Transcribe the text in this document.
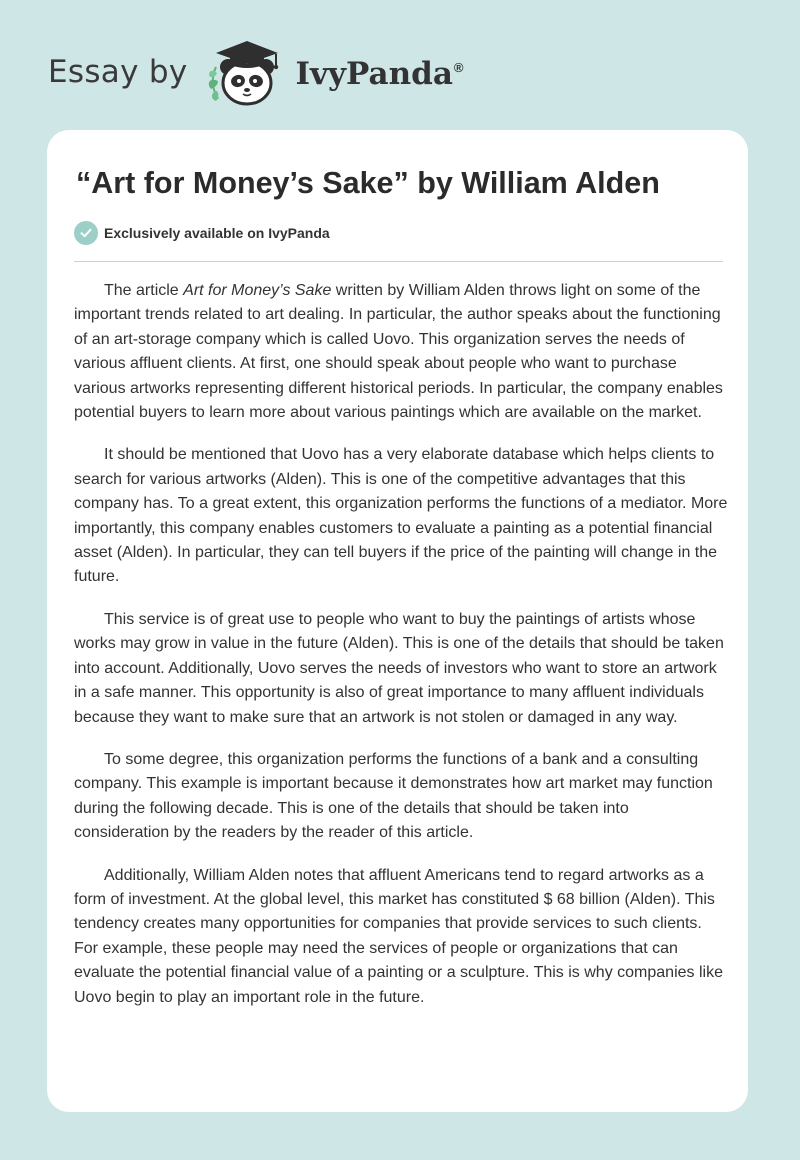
Essay by	IvyPanda®
“Art for Money’s Sake” by William Alden
Exclusively available on IvyPanda

The article Art for Money’s Sake written by William Alden throws light on some of the important trends related to art dealing. In particular, the author speaks about the functioning of an art-storage company which is called Uovo. This organization serves the needs of various affluent clients. At first, one should speak about people who want to purchase various artworks representing different historical periods. In particular, the company enables potential buyers to learn more about various paintings which are available on the market.

It should be mentioned that Uovo has a very elaborate database which helps clients to search for various artworks (Alden). This is one of the competitive advantages that this company has. To a great extent, this organization performs the functions of a mediator. More importantly, this company enables customers to evaluate a painting as a potential financial asset (Alden). In particular, they can tell buyers if the price of the painting will change in the future.

This service is of great use to people who want to buy the paintings of artists whose works may grow in value in the future (Alden). This is one of the details that should be taken into account. Additionally, Uovo serves the needs of investors who want to store an artwork in a safe manner. This opportunity is also of great importance to many affluent individuals because they want to make sure that an artwork is not stolen or damaged in any way.

To some degree, this organization performs the functions of a bank and a consulting company. This example is important because it demonstrates how art market may function during the following decade. This is one of the details that should be taken into consideration by the readers by the reader of this article.

Additionally, William Alden notes that affluent Americans tend to regard artworks as a form of investment. At the global level, this market has constituted $ 68 billion (Alden). This tendency creates many opportunities for companies that provide services to such clients. For example, these people may need the services of people or organizations that can evaluate the potential financial value of a painting or a sculpture. This is why companies like Uovo begin to play an important role in the future.
